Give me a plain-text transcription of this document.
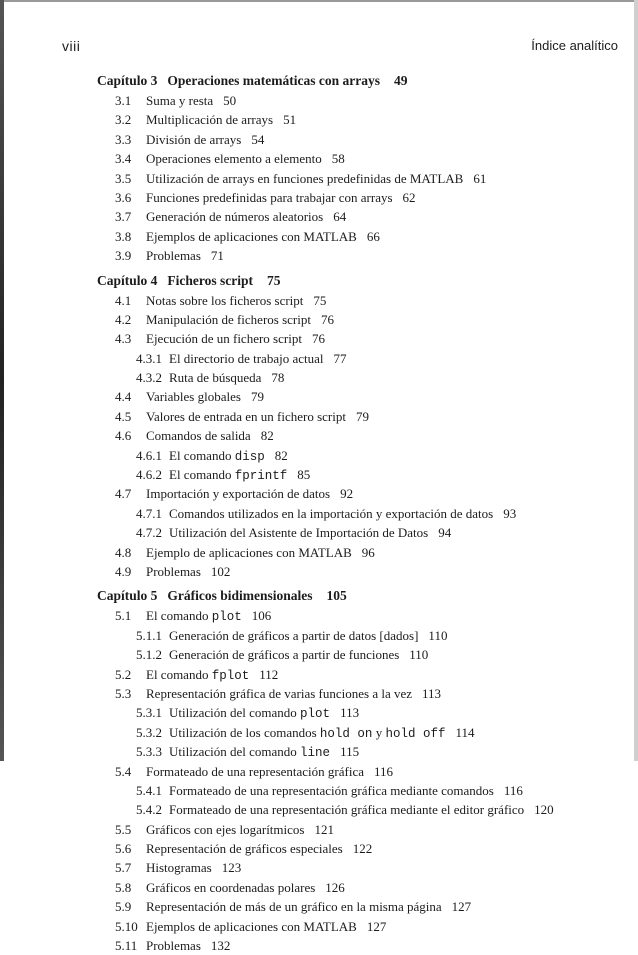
viii	Índice analítico
Capítulo 3 Operaciones matemáticas con arrays 49
3.1 Suma y resta 50
3.2 Multiplicación de arrays 51
3.3 División de arrays 54
3.4 Operaciones elemento a elemento 58
3.5 Utilización de arrays en funciones predefinidas de MATLAB 61
3.6 Funciones predefinidas para trabajar con arrays 62
3.7 Generación de números aleatorios 64
3.8 Ejemplos de aplicaciones con MATLAB 66
3.9 Problemas 71
Capítulo 4 Ficheros script 75
4.1 Notas sobre los ficheros script 75
4.2 Manipulación de ficheros script 76
4.3 Ejecución de un fichero script 76
4.3.1 El directorio de trabajo actual 77
4.3.2 Ruta de búsqueda 78
4.4 Variables globales 79
4.5 Valores de entrada en un fichero script 79
4.6 Comandos de salida 82
4.6.1 El comando disp 82
4.6.2 El comando fprintf 85
4.7 Importación y exportación de datos 92
4.7.1 Comandos utilizados en la importación y exportación de datos 93
4.7.2 Utilización del Asistente de Importación de Datos 94
4.8 Ejemplo de aplicaciones con MATLAB 96
4.9 Problemas 102
Capítulo 5 Gráficos bidimensionales 105
5.1 El comando plot 106
5.1.1 Generación de gráficos a partir de datos [dados] 110
5.1.2 Generación de gráficos a partir de funciones 110
5.2 El comando fplot 112
5.3 Representación gráfica de varias funciones a la vez 113
5.3.1 Utilización del comando plot 113
5.3.2 Utilización de los comandos hold on y hold off 114
5.3.3 Utilización del comando line 115
5.4 Formateado de una representación gráfica 116
5.4.1 Formateado de una representación gráfica mediante comandos 116
5.4.2 Formateado de una representación gráfica mediante el editor gráfico 120
5.5 Gráficos con ejes logarítmicos 121
5.6 Representación de gráficos especiales 122
5.7 Histogramas 123
5.8 Gráficos en coordenadas polares 126
5.9 Representación de más de un gráfico en la misma página 127
5.10 Ejemplos de aplicaciones con MATLAB 127
5.11 Problemas 132
